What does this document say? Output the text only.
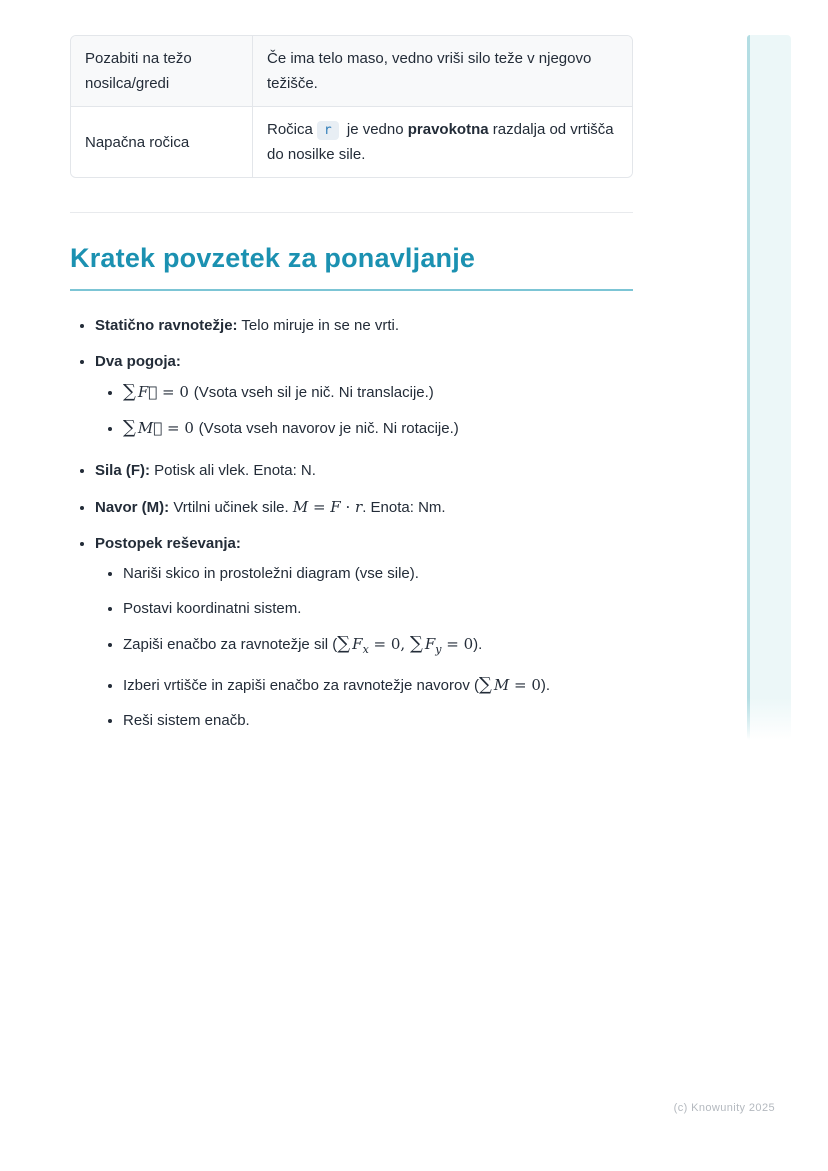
Pozabiti na težo nosilca/gredi	Če ima telo maso, vedno vriši silo teže v njegovo težišče.
Napačna ročica	Ročica r je vedno pravokotna razdalja od vrtišča do nosilke sile.
Kratek povzetek za ponavljanje
• Statično ravnotežje: Telo miruje in se ne vrti.
• Dva pogoja:
• ∑ F⃗ = 0 (Vsota vseh sil je nič. Ni translacije.)
• ∑ M⃗ = 0 (Vsota vseh navorov je nič. Ni rotacije.)
• Sila (F): Potisk ali vlek. Enota: N.
• Navor (M): Vrtilni učinek sile. M = F · r. Enota: Nm.
• Postopek reševanja:
• Nariši skico in prostoležni diagram (vse sile).
• Postavi koordinatni sistem.
• Zapiši enačbo za ravnotežje sil (∑ $F_x = 0$, ∑ $F_y = 0$).
• Izberi vrtišče in zapiši enačbo za ravnotežje navorov (∑ M = 0).
• Reši sistem enačb.
(c) Knowunity 2025
